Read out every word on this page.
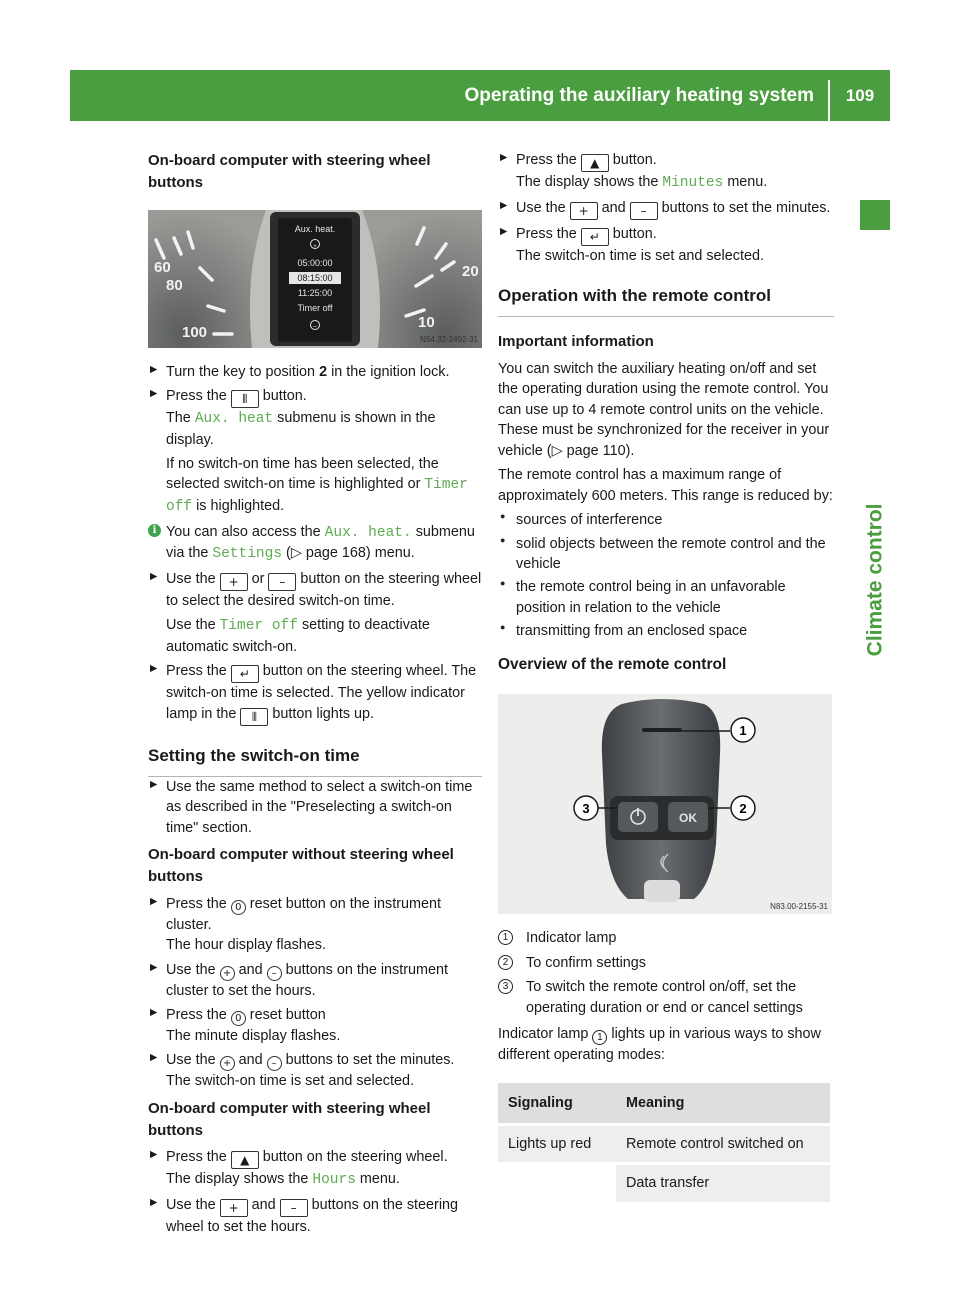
Operating the auxiliary heating system	109
Climate control
On-board computer with steering wheel buttons
60
80
100
20
10
Aux. heat.
+
05:00:00
08:15:00
11:25:00
Timer off
–
N54.32-2492-31
▶ Turn the key to position 2 in the ignition lock.
▶ Press the ⫴ button.
The Aux. heat submenu is shown in the display.
If no switch-on time has been selected, the selected switch-on time is highlighted or Timer off is highlighted.
i You can also access the Aux. heat. submenu via the Settings (▷ page 168) menu.
▶ Use the + or – button on the steering wheel to select the desired switch-on time.
Use the Timer off setting to deactivate automatic switch-on.
▶ Press the ↵ button on the steering wheel. The switch-on time is selected. The yellow indicator lamp in the ⫴ button lights up.
Setting the switch-on time
▶ Use the same method to select a switch-on time as described in the "Preselecting a switch-on time" section.
On-board computer without steering wheel buttons
▶ Press the 0 reset button on the instrument cluster.
The hour display flashes.
▶ Use the + and – buttons on the instrument cluster to set the hours.
▶ Press the 0 reset button
The minute display flashes.
▶ Use the + and – buttons to set the minutes.
The switch-on time is set and selected.
On-board computer with steering wheel buttons
▶ Press the ▲ button on the steering wheel.
The display shows the Hours menu.
▶ Use the + and – buttons on the steering wheel to set the hours.
▶ Press the ▲ button.
The display shows the Minutes menu.
▶ Use the + and – buttons to set the minutes.
▶ Press the ↵ button.
The switch-on time is set and selected.
Operation with the remote control
Important information
You can switch the auxiliary heating on/off and set the operating duration using the remote control. You can use up to 4 remote control units on the vehicle. These must be synchronized for the receiver in your vehicle (▷ page 110).
The remote control has a maximum range of approximately 600 meters. This range is reduced by:
● sources of interference
● solid objects between the remote control and the vehicle
● the remote control being in an unfavorable position in relation to the vehicle
● transmitting from an enclosed space
Overview of the remote control
OK
1
2
3
N83.00-2155-31
1	Indicator lamp
2	To confirm settings
3	To switch the remote control on/off, set the operating duration or end or cancel settings
Indicator lamp 1 lights up in various ways to show different operating modes:
Signaling	Meaning
Lights up red	Remote control switched on
	Data transfer
